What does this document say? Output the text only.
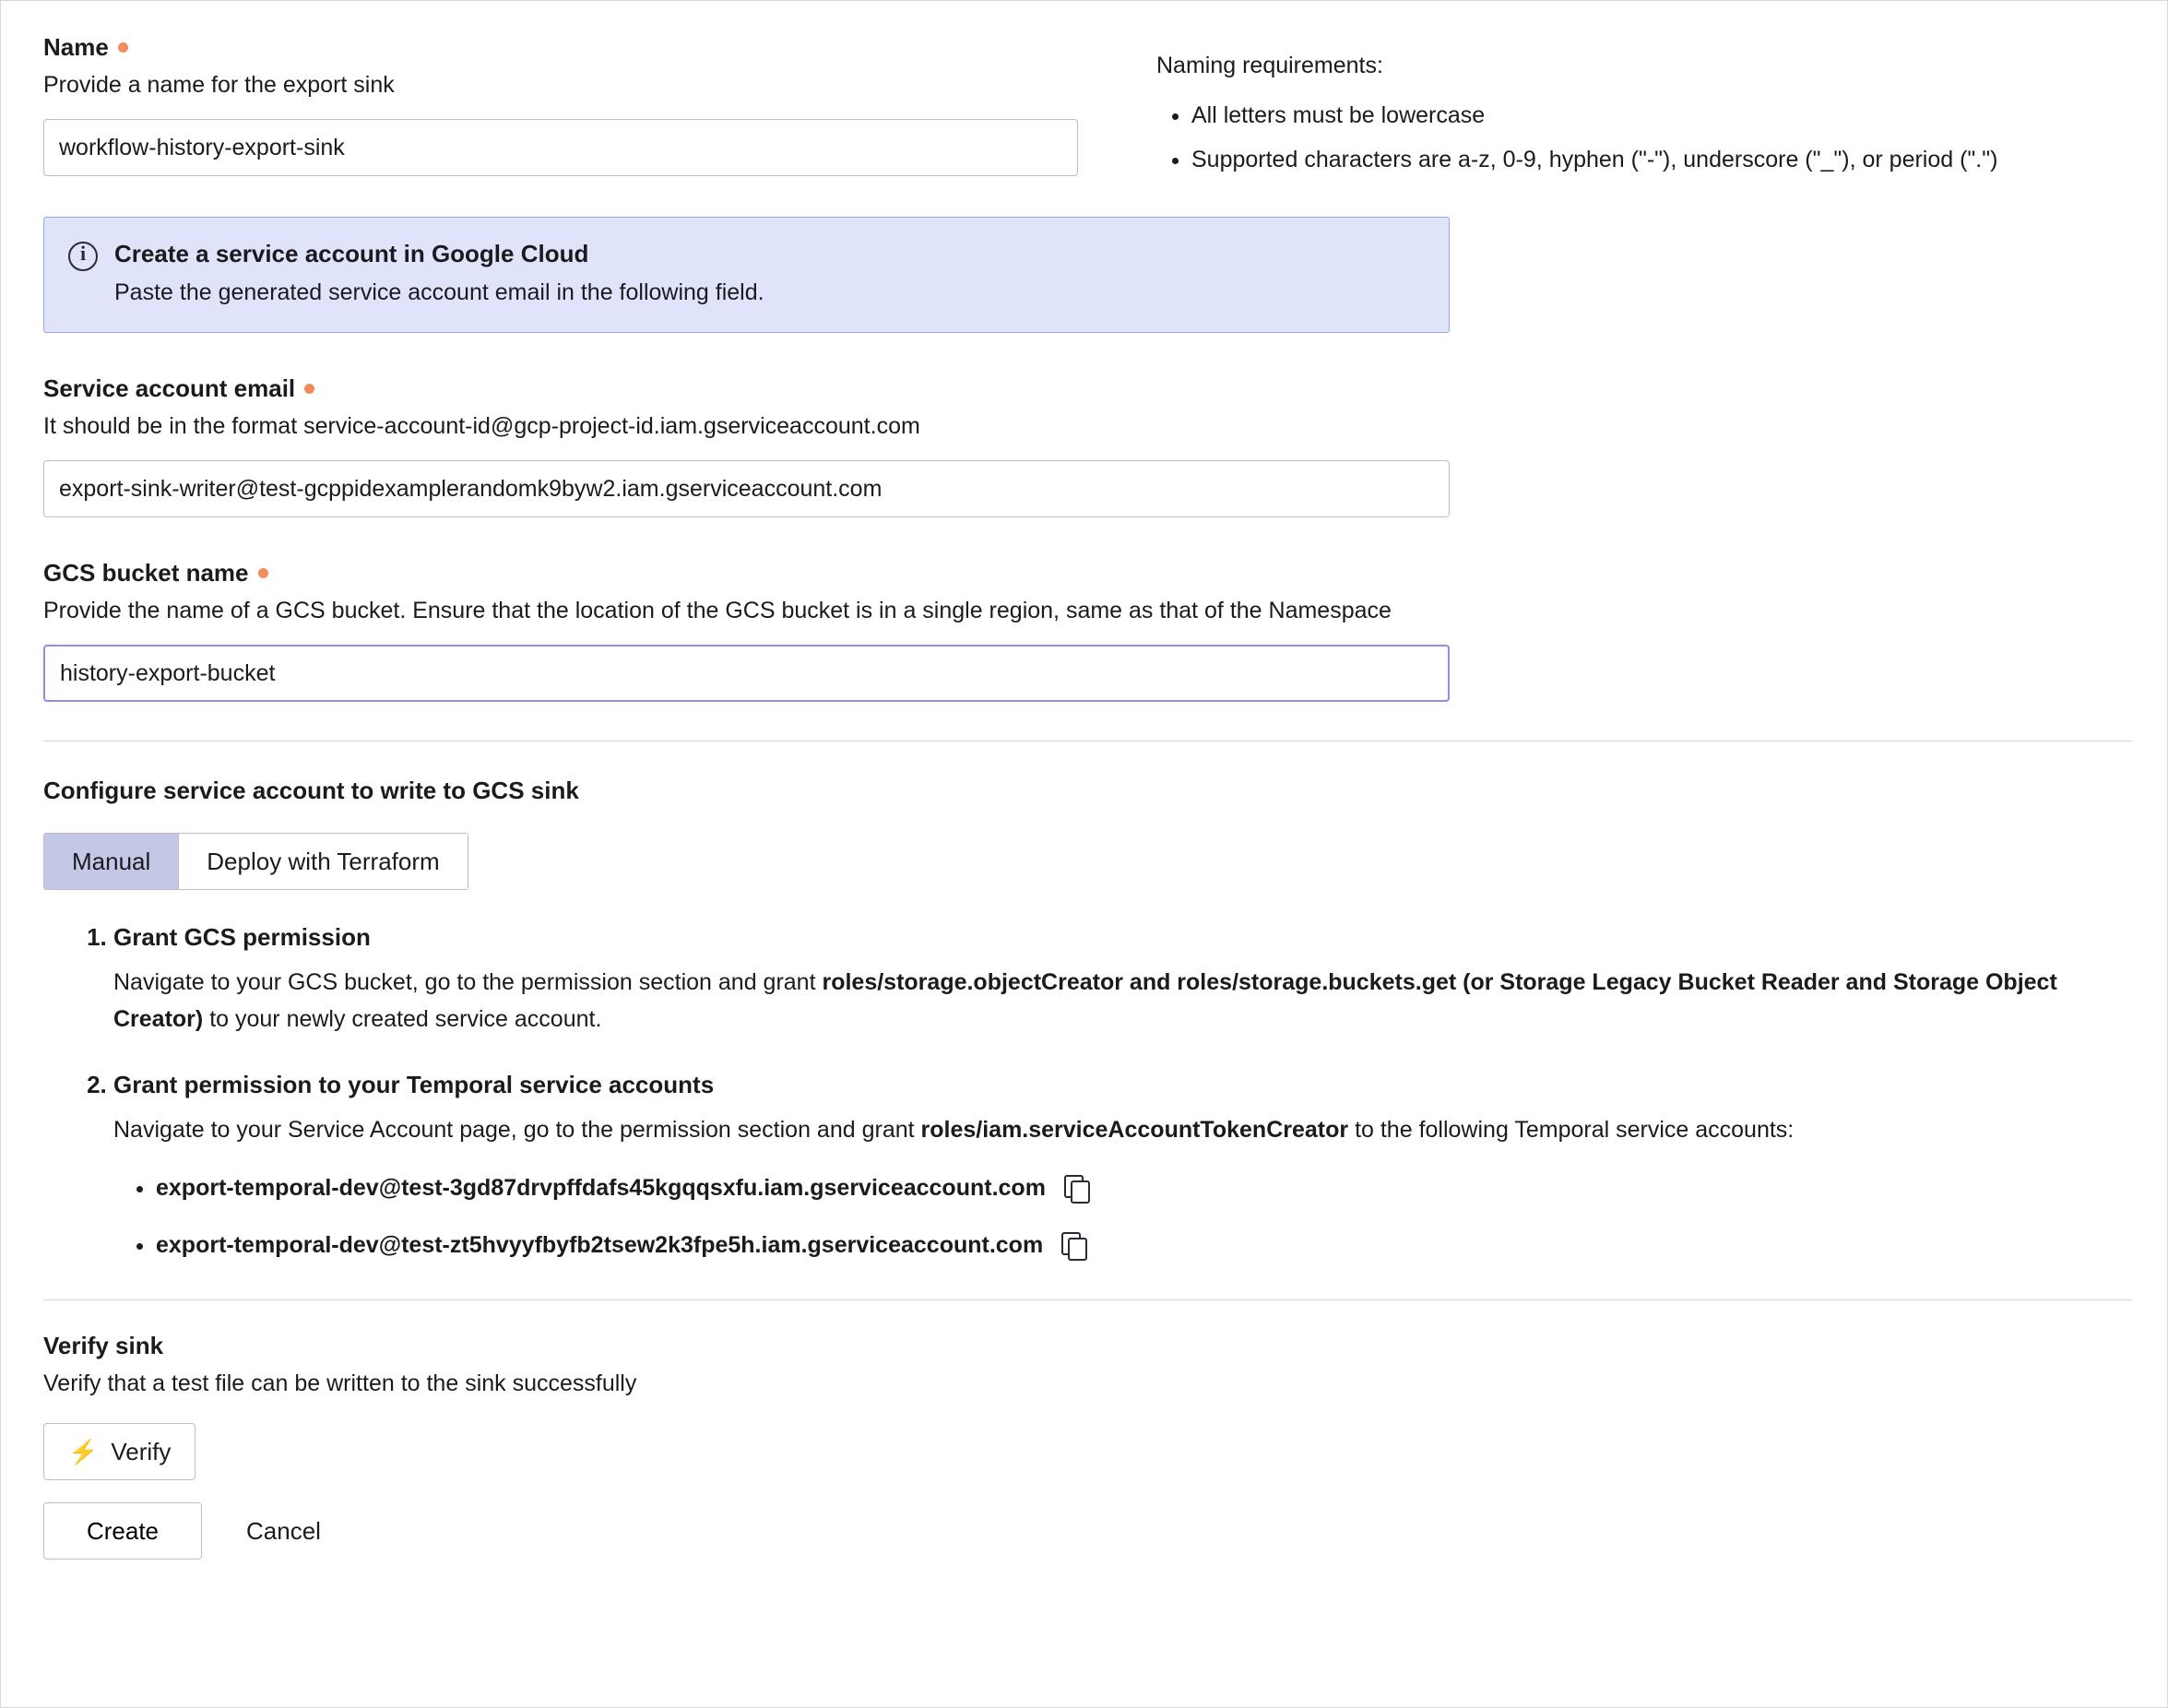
Name
Provide a name for the export sink
workflow-history-export-sink
Naming requirements:
• All letters must be lowercase
• Supported characters are a-z, 0-9, hyphen ("-"), underscore ("_"), or period (".")
i
Create a service account in Google Cloud
Paste the generated service account email in the following field.
Service account email
It should be in the format service-account-id@gcp-project-id.iam.gserviceaccount.com
export-sink-writer@test-gcppidexamplerandomk9byw2.iam.gserviceaccount.com
GCS bucket name
Provide the name of a GCS bucket. Ensure that the location of the GCS bucket is in a single region, same as that of the Namespace
history-export-bucket
Configure service account to write to GCS sink
Manual	Deploy with Terraform
1. Grant GCS permission
Navigate to your GCS bucket, go to the permission section and grant roles/storage.objectCreator and roles/storage.buckets.get (or Storage Legacy Bucket Reader and Storage Object Creator) to your newly created service account.
2. Grant permission to your Temporal service accounts
Navigate to your Service Account page, go to the permission section and grant roles/iam.serviceAccountTokenCreator to the following Temporal service accounts:
• export-temporal-dev@test-3gd87drvpffdafs45kgqqsxfu.iam.gserviceaccount.com
• export-temporal-dev@test-zt5hvyyfbyfb2tsew2k3fpe5h.iam.gserviceaccount.com
Verify sink
Verify that a test file can be written to the sink successfully
⚡ Verify
Create	Cancel
